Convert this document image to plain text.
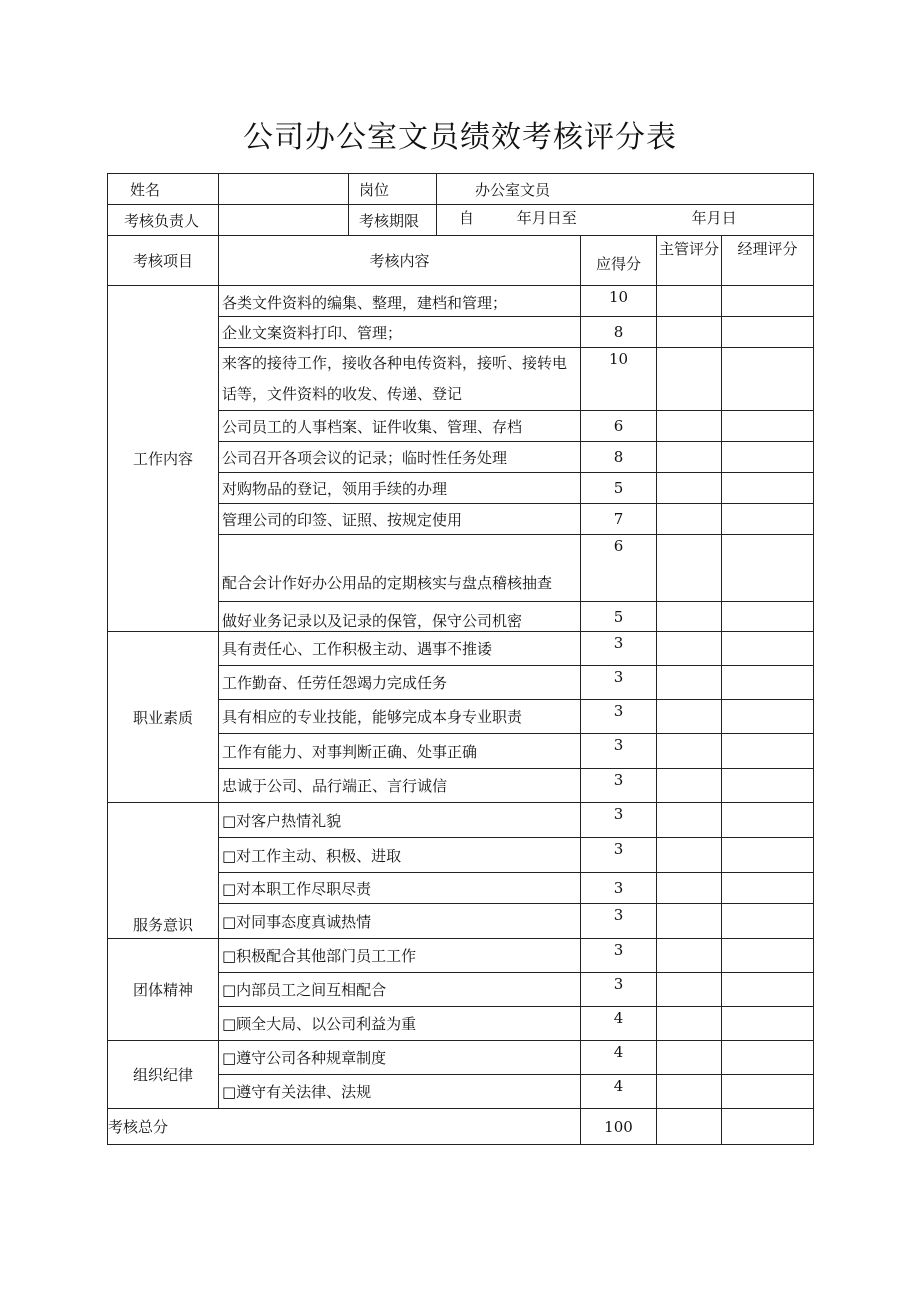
公司办公室文员绩效考核评分表
姓名		岗位	办公室文员			
考核负责人		考核期限	自 年月日至 年月日			
考核项目	考核内容			应得分	主管评分	经理评分
工作内容	各类文件资料的编集、整理，建档和管理；			10		
	企业文案资料打印、管理；			8		
	来客的接待工作，接收各种电传资料，接听、接转电话等，文件资料的收发、传递、登记			10		
	公司员工的人事档案、证件收集、管理、存档			6		
	公司召开各项会议的记录；临时性任务处理			8		
	对购物品的登记，领用手续的办理			5		
	管理公司的印签、证照、按规定使用			7		
	配合会计作好办公用品的定期核实与盘点稽核抽查			6		
	做好业务记录以及记录的保管，保守公司机密			5		
职业素质	具有责任心、工作积极主动、遇事不推诿			3		
	工作勤奋、任劳任怨竭力完成任务			3		
	具有相应的专业技能，能够完成本身专业职责			3		
	工作有能力、对事判断正确、处事正确			3		
	忠诚于公司、品行端正、言行诚信			3		
服务意识	□对客户热情礼貌			3		
	□对工作主动、积极、进取			3		
	□对本职工作尽职尽责			3		
	□对同事态度真诚热情			3		
团体精神	□积极配合其他部门员工工作			3		
	□内部员工之间互相配合			3		
	□顾全大局、以公司利益为重			4		
组织纪律	□遵守公司各种规章制度			4		
	□遵守有关法律、法规			4		
考核总分				100		
